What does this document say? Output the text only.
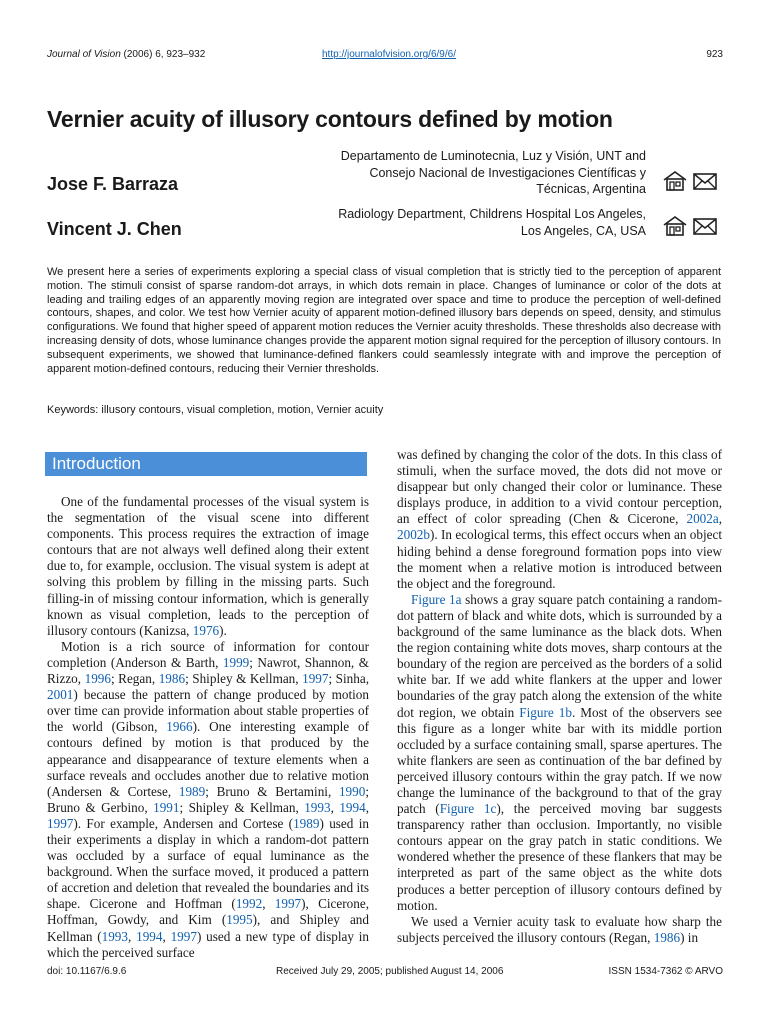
Journal of Vision (2006) 6, 923–932	http://journalofvision.org/6/9/6/	923
Vernier acuity of illusory contours defined by motion
Jose F. Barraza
Departamento de Luminotecnia, Luz y Visión, UNT and
Consejo Nacional de Investigaciones Científicas y
Técnicas, Argentina
Vincent J. Chen
Radiology Department, Childrens Hospital Los Angeles,
Los Angeles, CA, USA
We present here a series of experiments exploring a special class of visual completion that is strictly tied to the perception of apparent motion. The stimuli consist of sparse random-dot arrays, in which dots remain in place. Changes of luminance or color of the dots at leading and trailing edges of an apparently moving region are integrated over space and time to produce the perception of well-defined contours, shapes, and color. We test how Vernier acuity of apparent motion-defined illusory bars depends on speed, density, and stimulus configurations. We found that higher speed of apparent motion reduces the Vernier acuity thresholds. These thresholds also decrease with increasing density of dots, whose luminance changes provide the apparent motion signal required for the perception of illusory contours. In subsequent experiments, we showed that luminance-defined flankers could seamlessly integrate with and improve the perception of apparent motion-defined contours, reducing their Vernier thresholds.
Keywords: illusory contours, visual completion, motion, Vernier acuity
Introduction

One of the fundamental processes of the visual system is the segmentation of the visual scene into different components. This process requires the extraction of image contours that are not always well defined along their extent due to, for example, occlusion. The visual system is adept at solving this problem by filling in the missing parts. Such filling-in of missing contour information, which is generally known as visual completion, leads to the perception of illusory contours (Kanizsa, 1976).

Motion is a rich source of information for contour completion (Anderson & Barth, 1999; Nawrot, Shannon, & Rizzo, 1996; Regan, 1986; Shipley & Kellman, 1997; Sinha, 2001) because the pattern of change produced by motion over time can provide information about stable properties of the world (Gibson, 1966). One interesting example of contours defined by motion is that produced by the appearance and disappearance of texture elements when a surface reveals and occludes another due to relative motion (Andersen & Cortese, 1989; Bruno & Bertamini, 1990; Bruno & Gerbino, 1991; Shipley & Kellman, 1993, 1994, 1997). For example, Andersen and Cortese (1989) used in their experiments a display in which a random-dot pattern was occluded by a surface of equal luminance as the background. When the surface moved, it produced a pattern of accretion and deletion that revealed the boundaries and its shape. Cicerone and Hoffman (1992, 1997), Cicerone, Hoffman, Gowdy, and Kim (1995), and Shipley and Kellman (1993, 1994, 1997) used a new type of display in which the perceived surface

was defined by changing the color of the dots. In this class of stimuli, when the surface moved, the dots did not move or disappear but only changed their color or luminance. These displays produce, in addition to a vivid contour perception, an effect of color spreading (Chen & Cicerone, 2002a, 2002b). In ecological terms, this effect occurs when an object hiding behind a dense foreground formation pops into view the moment when a relative motion is introduced between the object and the foreground.

Figure 1a shows a gray square patch containing a random-dot pattern of black and white dots, which is surrounded by a background of the same luminance as the black dots. When the region containing white dots moves, sharp contours at the boundary of the region are perceived as the borders of a solid white bar. If we add white flankers at the upper and lower boundaries of the gray patch along the extension of the white dot region, we obtain Figure 1b. Most of the observers see this figure as a longer white bar with its middle portion occluded by a surface containing small, sparse apertures. The white flankers are seen as continuation of the bar defined by perceived illusory contours within the gray patch. If we now change the luminance of the background to that of the gray patch (Figure 1c), the perceived moving bar suggests transparency rather than occlusion. Importantly, no visible contours appear on the gray patch in static conditions. We wondered whether the presence of these flankers that may be interpreted as part of the same object as the white dots produces a better perception of illusory contours defined by motion.

We used a Vernier acuity task to evaluate how sharp the subjects perceived the illusory contours (Regan, 1986) in

doi: 10.1167/6.9.6	Received July 29, 2005; published August 14, 2006	ISSN 1534-7362 © ARVO
